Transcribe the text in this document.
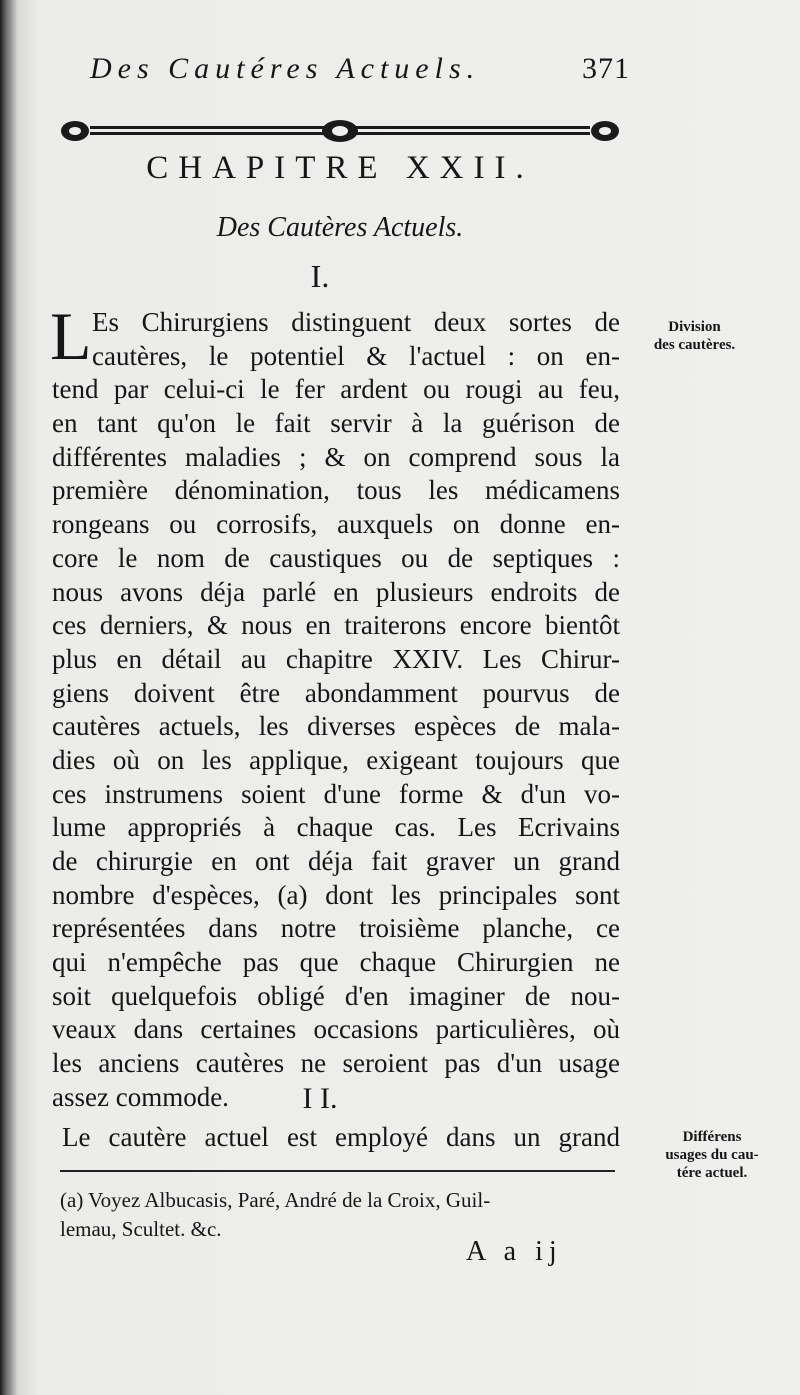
Des Cautéres Actuels.	371
CHAPITRE XXII.
Des Cautères Actuels.
I.
L Es Chirurgiens distinguent deux sortes de
cautères, le potentiel & l'actuel : on en-
tend par celui-ci le fer ardent ou rougi au feu,
en tant qu'on le fait servir à la guérison de
différentes maladies ; & on comprend sous la
première dénomination, tous les médicamens
rongeans ou corrosifs, auxquels on donne en-
core le nom de caustiques ou de septiques :
nous avons déja parlé en plusieurs endroits de
ces derniers, & nous en traiterons encore bientôt
plus en détail au chapitre XXIV. Les Chirur-
giens doivent être abondamment pourvus de
cautères actuels, les diverses espèces de mala-
dies où on les applique, exigeant toujours que
ces instrumens soient d'une forme & d'un vo-
lume appropriés à chaque cas. Les Ecrivains
de chirurgie en ont déja fait graver un grand
nombre d'espèces, (a) dont les principales sont
représentées dans notre troisième planche, ce
qui n'empêche pas que chaque Chirurgien ne
soit quelquefois obligé d'en imaginer de nou-
veaux dans certaines occasions particulières, où
les anciens cautères ne seroient pas d'un usage
assez commode.	I I.
Le cautère actuel est employé dans un grand
(a) Voyez Albucasis, Paré, André de la Croix, Guil-
lemau, Scultet. &c.
A a ij
Division
des cautères.
Différens
usages du cau-
tére actuel.
